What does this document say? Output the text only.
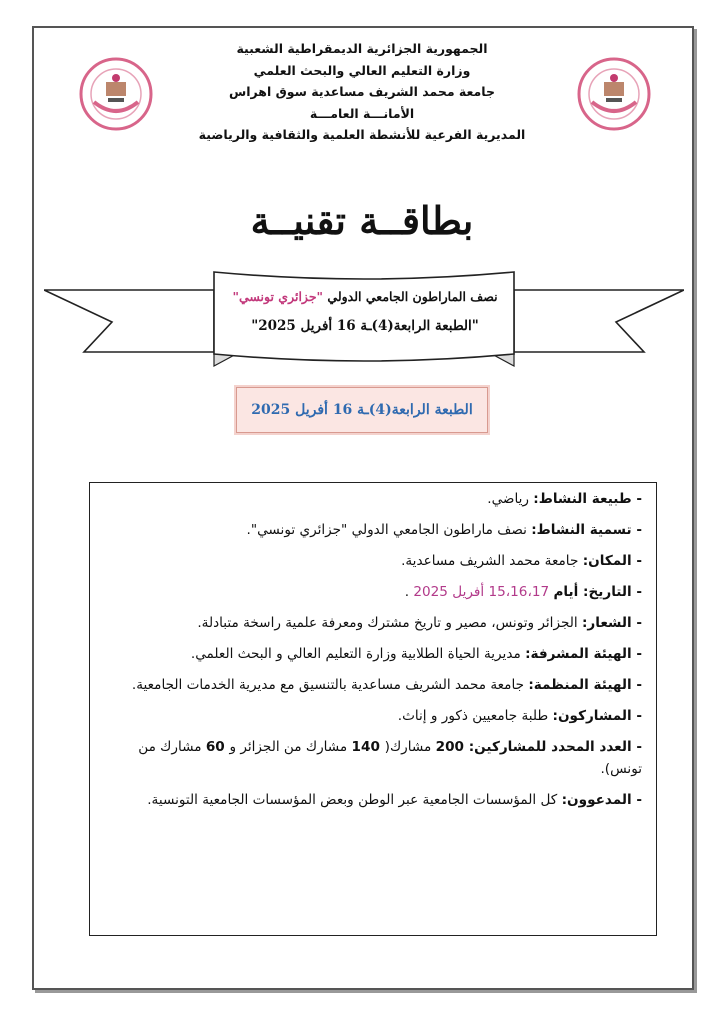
الجمهورية الجزائرية الديمقراطية الشعبية
وزارة التعليم العالي والبحث العلمي
جامعة محمد الشريف مساعدية سوق اهراس
الأمانـــة العامـــة
المديرية الفرعية للأنشطة العلمية والثقافية والرياضية
بطاقــة تقنيــة
نصف الماراطون الجامعي الدولي "جزائري تونسي"
"الطبعة الرابعة(4)ـة 16 أفريل 2025"
الطبعة الرابعة(4)ـة 16 أفريل 2025
- طبيعة النشاط: رياضي.
- تسمية النشاط: نصف ماراطون الجامعي الدولي "جزائري تونسي".
- المكان: جامعة محمد الشريف مساعدية.
- التاريخ: أيام 15،16،17 أفريل 2025 .
- الشعار: الجزائر وتونس، مصير و تاريخ مشترك ومعرفة علمية راسخة متبادلة.
- الهيئة المشرفة: مديرية الحياة الطلابية وزارة التعليم العالي و البحث العلمي.
- الهيئة المنظمة: جامعة محمد الشريف مساعدية بالتنسيق مع مديرية الخدمات الجامعية.
- المشاركون: طلبة جامعيين ذكور و إناث.
- العدد المحدد للمشاركين: 200 مشارك( 140 مشارك من الجزائر و 60 مشارك من تونس).
- المدعوون: كل المؤسسات الجامعية عبر الوطن وبعض المؤسسات الجامعية التونسية.
